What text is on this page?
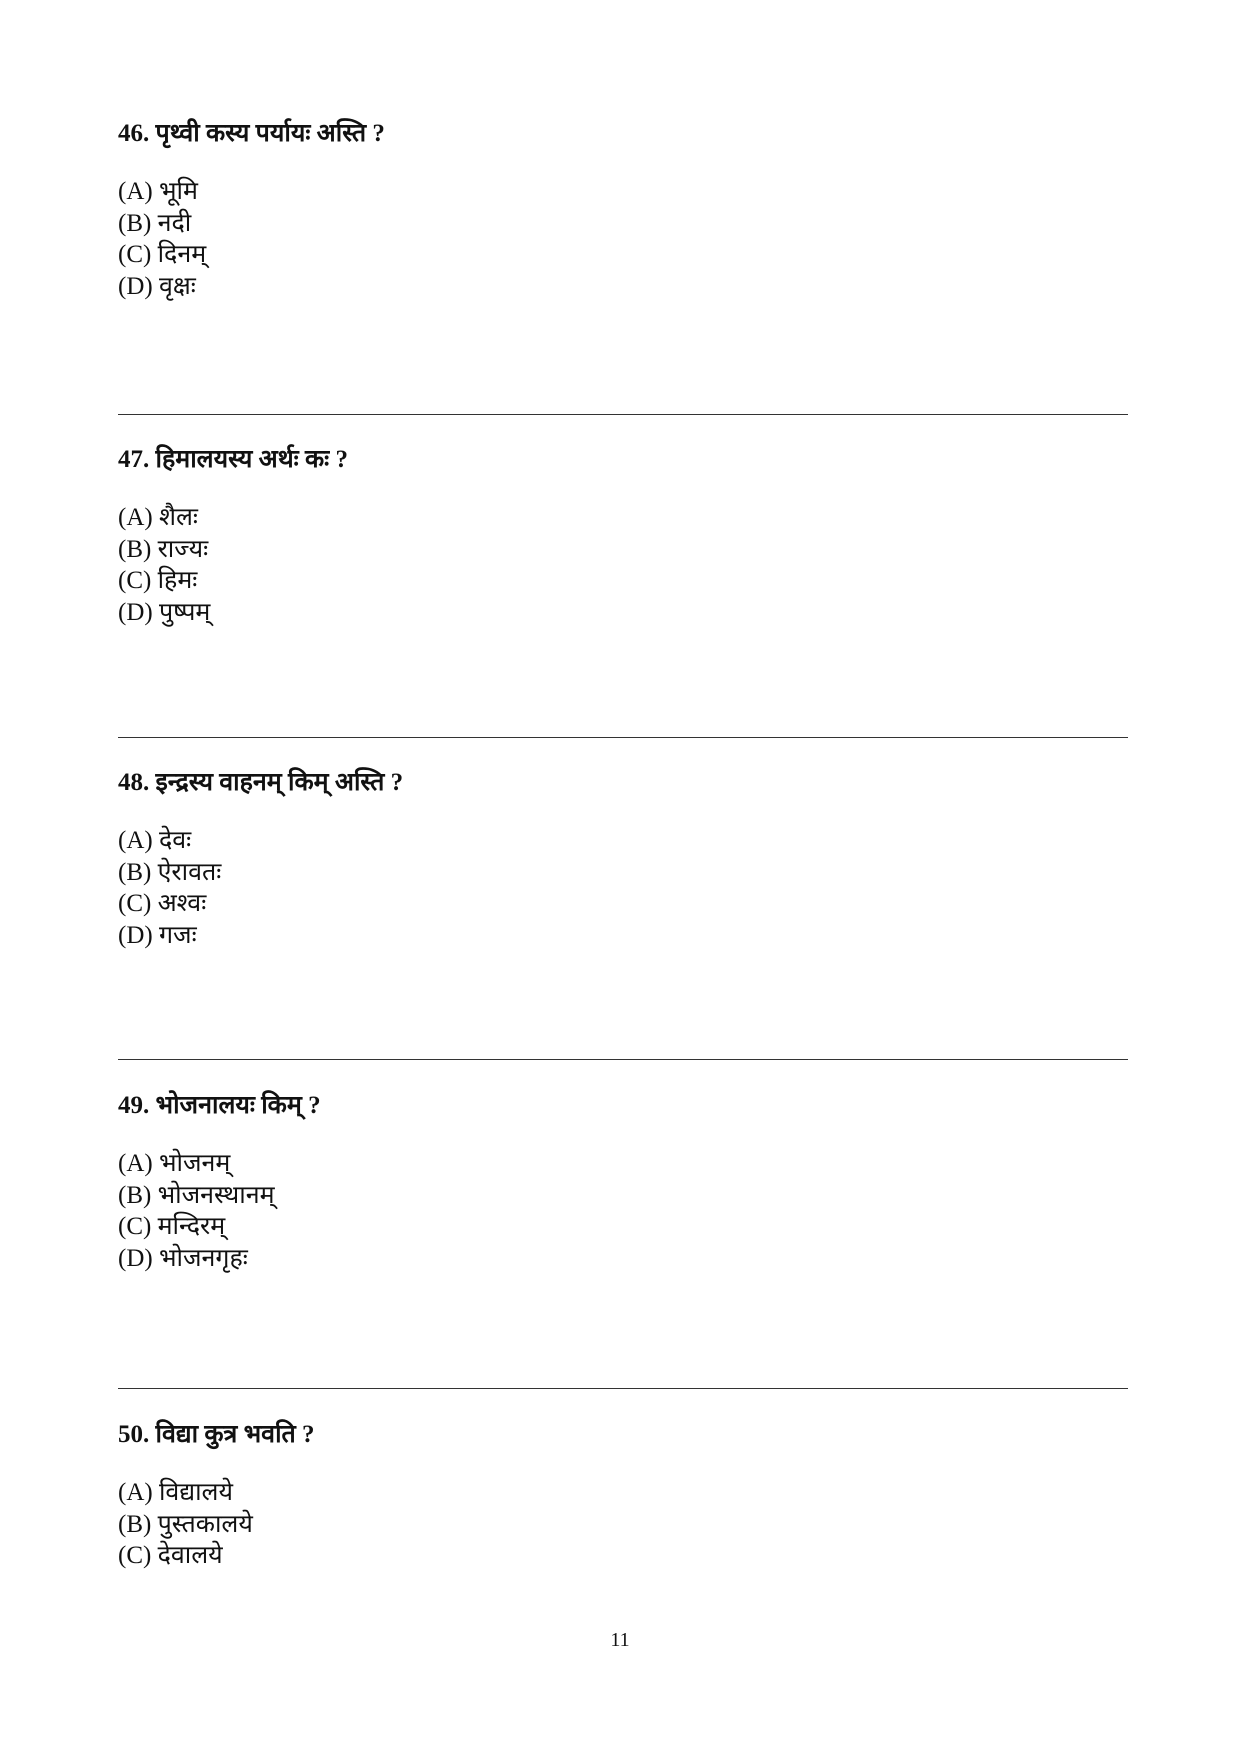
46. पृथ्वी कस्य पर्यायः अस्ति ?

(A) भूमि
(B) नदी
(C) दिनम्
(D) वृक्षः

47. हिमालयस्य अर्थः कः ?

(A) शैलः
(B) राज्यः
(C) हिमः
(D) पुष्पम्

48. इन्द्रस्य वाहनम् किम् अस्ति ?

(A) देवः
(B) ऐरावतः
(C) अश्वः
(D) गजः

49. भोजनालयः किम् ?

(A) भोजनम्
(B) भोजनस्थानम्
(C) मन्दिरम्
(D) भोजनगृहः

50. विद्या कुत्र भवति ?

(A) विद्यालये
(B) पुस्तकालये
(C) देवालये
11
